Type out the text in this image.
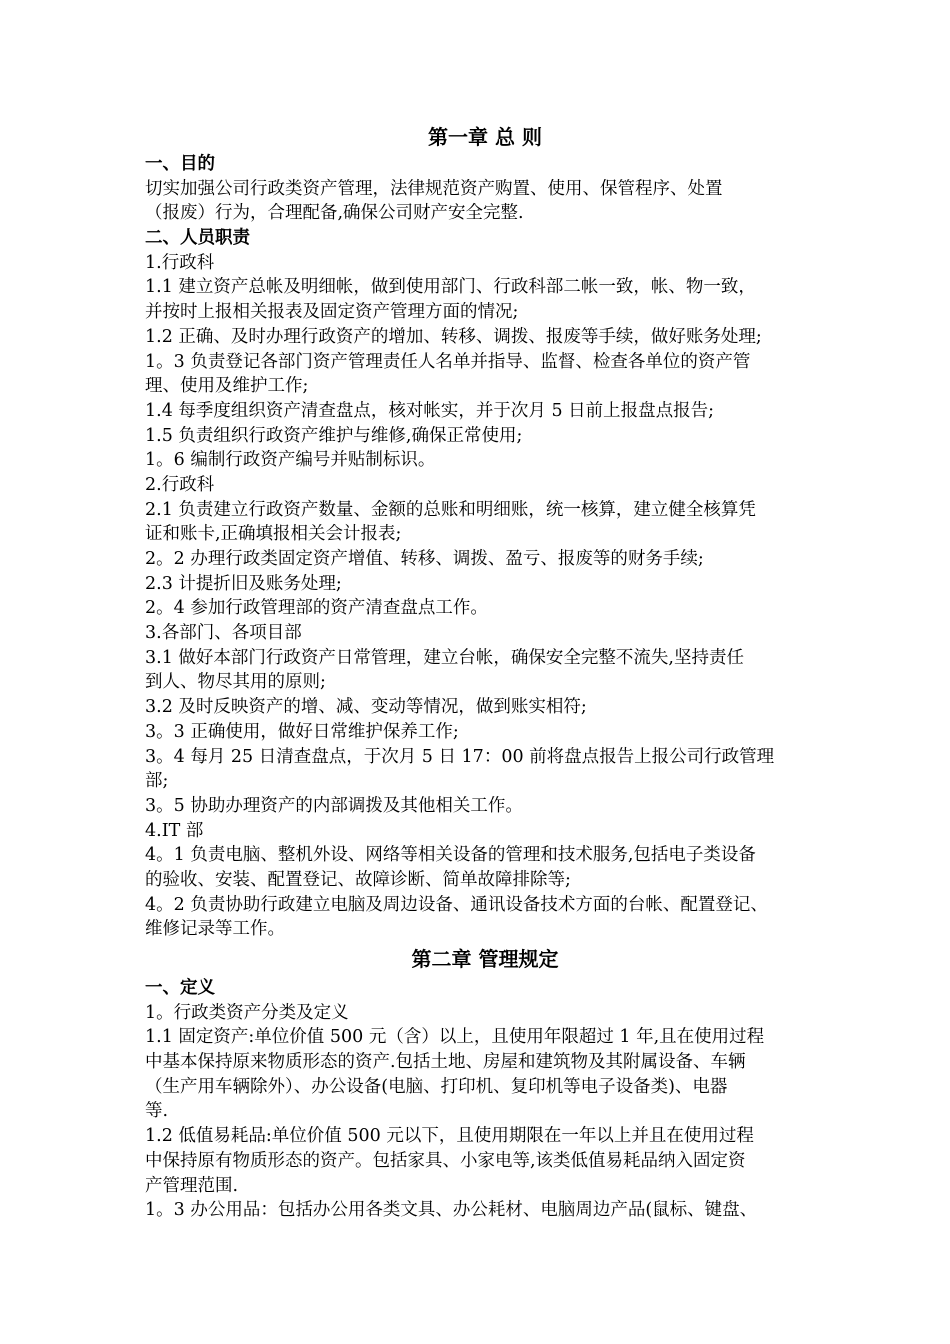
第一章 总 则
一、目的
切实加强公司行政类资产管理，法律规范资产购置、使用、保管程序、处置
（报废）行为，合理配备,确保公司财产安全完整.
二、人员职责
1.行政科
1.1 建立资产总帐及明细帐，做到使用部门、行政科部二帐一致，帐、物一致，
并按时上报相关报表及固定资产管理方面的情况;
1.2 正确、及时办理行政资产的增加、转移、调拨、报废等手续，做好账务处理;
1。3 负责登记各部门资产管理责任人名单并指导、监督、检查各单位的资产管
理、使用及维护工作;
1.4 每季度组织资产清查盘点，核对帐实，并于次月 5 日前上报盘点报告;
1.5 负责组织行政资产维护与维修,确保正常使用;
1。6 编制行政资产编号并贴制标识。
2.行政科
2.1 负责建立行政资产数量、金额的总账和明细账，统一核算，建立健全核算凭
证和账卡,正确填报相关会计报表;
2。2 办理行政类固定资产增值、转移、调拨、盈亏、报废等的财务手续;
2.3 计提折旧及账务处理;
2。4 参加行政管理部的资产清查盘点工作。
3.各部门、各项目部
3.1 做好本部门行政资产日常管理，建立台帐，确保安全完整不流失,坚持责任
到人、物尽其用的原则;
3.2 及时反映资产的增、减、变动等情况，做到账实相符;
3。3 正确使用，做好日常维护保养工作;
3。4 每月 25 日清查盘点，于次月 5 日 17：00 前将盘点报告上报公司行政管理
部;
3。5 协助办理资产的内部调拨及其他相关工作。
4.IT 部
4。1 负责电脑、整机外设、网络等相关设备的管理和技术服务,包括电子类设备
的验收、安装、配置登记、故障诊断、简单故障排除等;
4。2 负责协助行政建立电脑及周边设备、通讯设备技术方面的台帐、配置登记、
维修记录等工作。
第二章 管理规定
一、定义
1。行政类资产分类及定义
1.1 固定资产:单位价值 500 元（含）以上，且使用年限超过 1 年,且在使用过程
中基本保持原来物质形态的资产.包括土地、房屋和建筑物及其附属设备、车辆
（生产用车辆除外）、办公设备(电脑、打印机、复印机等电子设备类)、电器
等.
1.2 低值易耗品:单位价值 500 元以下，且使用期限在一年以上并且在使用过程
中保持原有物质形态的资产。包括家具、小家电等,该类低值易耗品纳入固定资
产管理范围.
1。3 办公用品：包括办公用各类文具、办公耗材、电脑周边产品(鼠标、键盘、
